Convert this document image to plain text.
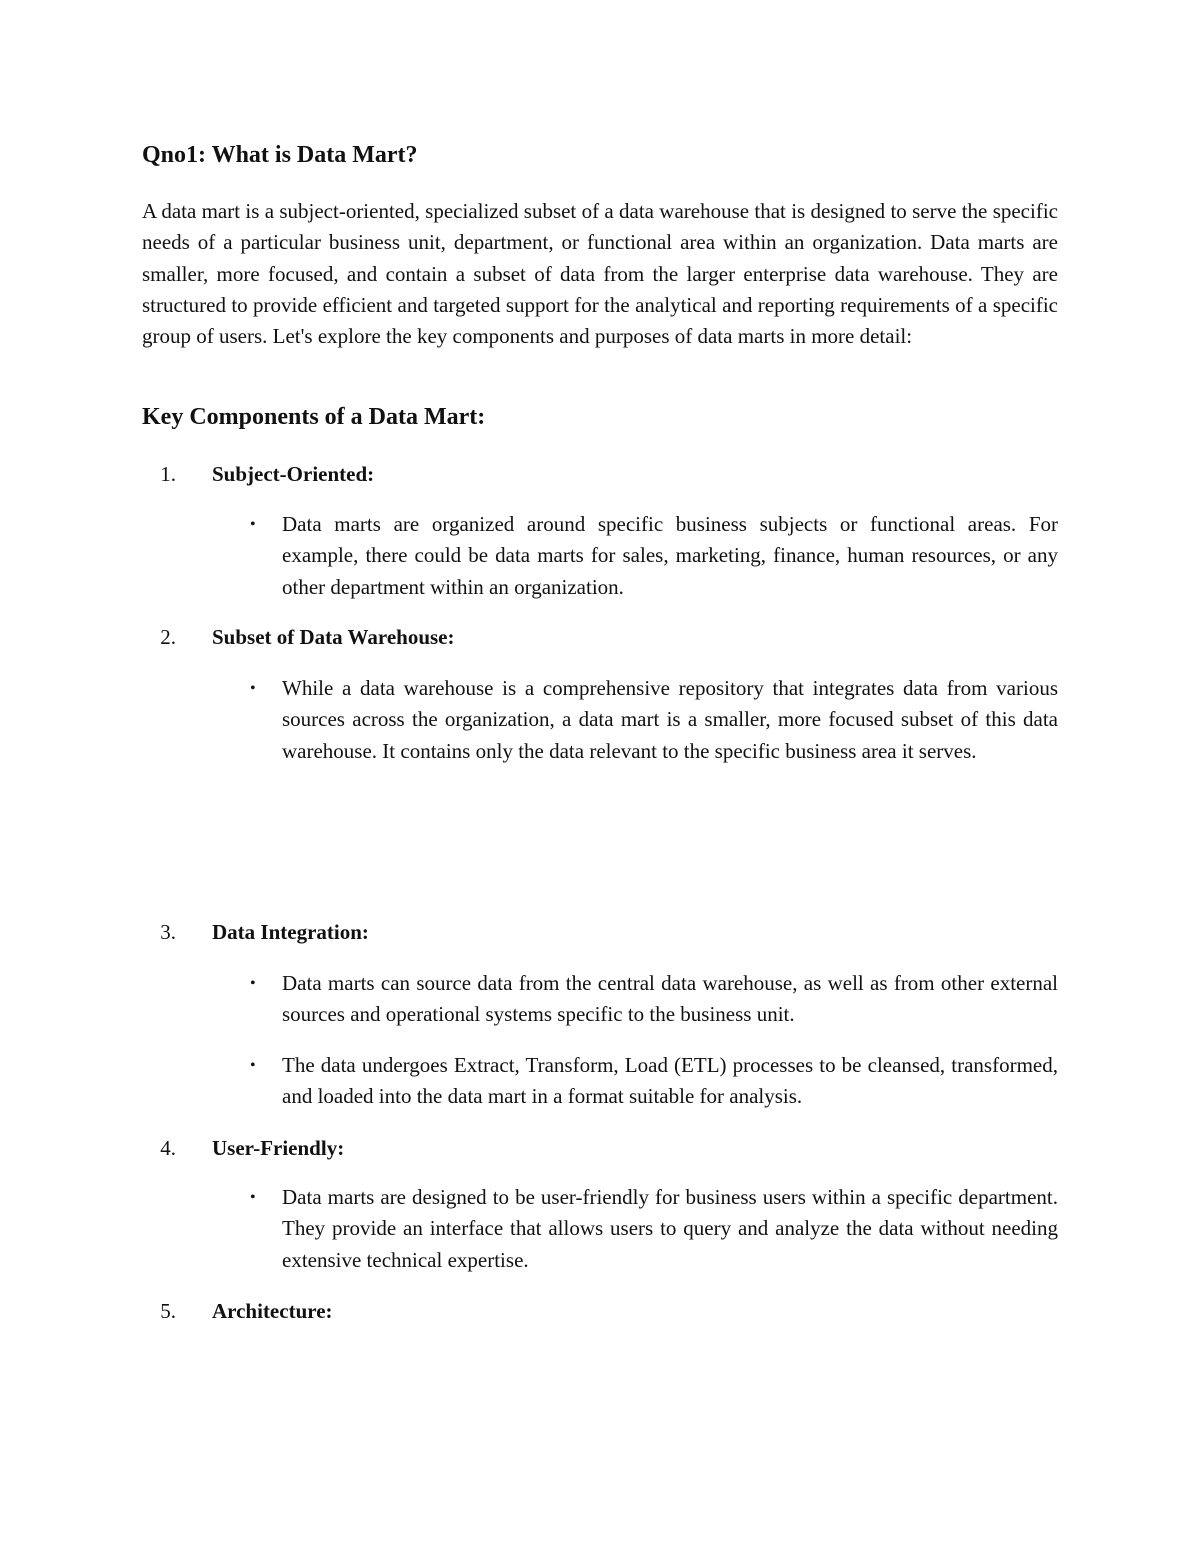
Qno1: What is Data Mart?

A data mart is a subject-oriented, specialized subset of a data warehouse that is designed to serve the specific needs of a particular business unit, department, or functional area within an organization. Data marts are smaller, more focused, and contain a subset of data from the larger enterprise data warehouse. They are structured to provide efficient and targeted support for the analytical and reporting requirements of a specific group of users. Let's explore the key components and purposes of data marts in more detail:

Key Components of a Data Mart:
1. Subject-Oriented:
• Data marts are organized around specific business subjects or functional areas. For example, there could be data marts for sales, marketing, finance, human resources, or any other department within an organization.
2. Subset of Data Warehouse:
• While a data warehouse is a comprehensive repository that integrates data from various sources across the organization, a data mart is a smaller, more focused subset of this data warehouse. It contains only the data relevant to the specific business area it serves.
3. Data Integration:
• Data marts can source data from the central data warehouse, as well as from other external sources and operational systems specific to the business unit.
• The data undergoes Extract, Transform, Load (ETL) processes to be cleansed, transformed, and loaded into the data mart in a format suitable for analysis.
4. User-Friendly:
• Data marts are designed to be user-friendly for business users within a specific department. They provide an interface that allows users to query and analyze the data without needing extensive technical expertise.
5. Architecture:
